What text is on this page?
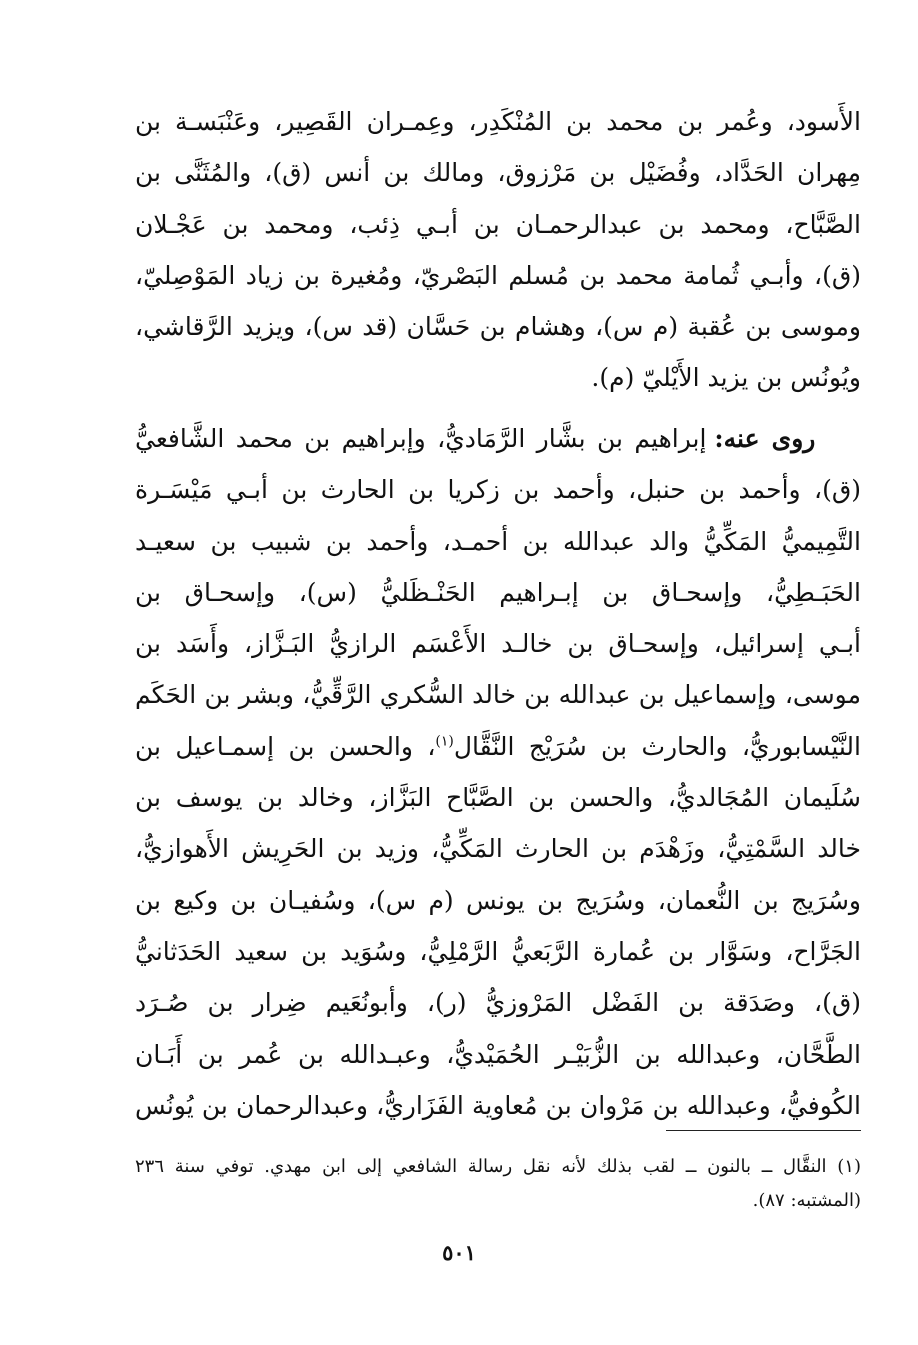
الأَسود، وعُمر بن محمد بن المُنْكَدِر، وعِمـران القَصِير، وعَنْبَسـة بن
مِهران الحَدَّاد، وفُضَيْل بن مَرْزوق، ومالك بن أنس (ق)، والمُثَنَّى بن
الصَّبَّاح، ومحمد بن عبدالرحمـان بن أبـي ذِئب، ومحمد بن عَجْـلان
(ق)، وأبـي ثُمامة محمد بن مُسلم البَصْريّ، ومُغيرة بن زياد المَوْصِليّ،
وموسى بن عُقبة (م س)، وهشام بن حَسَّان (قد س)، ويزيد الرَّقاشي،
ويُونُس بن يزيد الأَيْليّ (م).
روى عنه: إبراهيم بن بشَّار الرَّمَاديُّ، وإبراهيم بن محمد الشَّافعيُّ
(ق)، وأحمد بن حنبل، وأحمد بن زكريا بن الحارث بن أبـي مَيْسَـرة
التَّمِيميُّ المَكِّيُّ والد عبدالله بن أحمـد، وأحمد بن شبيب بن سعيـد
الحَبَـطِيُّ، وإسحـاق بن إبـراهيم الحَنْـظَليُّ (س)، وإسحـاق بن
أبـي إسرائيل، وإسحـاق بن خالـد الأَعْسَم الرازيُّ البَـزَّاز، وأَسَد بن
موسى، وإسماعيل بن عبدالله بن خالد السُّكري الرَّقِّيُّ، وبشر بن الحَكَم
النَّيْسابوريُّ، والحارث بن سُرَيْج النَّقَّال$^{(١)}$، والحسن بن إسمـاعيل بن
سُلَيمان المُجَالديُّ، والحسن بن الصَّبَّاح البَزَّاز، وخالد بن يوسف بن
خالد السَّمْتِيُّ، وزَهْدَم بن الحارث المَكِّيُّ، وزيد بن الحَرِيش الأَهوازيُّ،
وسُرَيج بن النُّعمان، وسُرَيج بن يونس (م س)، وسُفيـان بن وكيع بن
الجَرَّاح، وسَوَّار بن عُمارة الرَّبَعيُّ الرَّمْلِيُّ، وسُوَيد بن سعيد الحَدَثانيُّ
(ق)، وصَدَقة بن الفَضْل المَرْوزيُّ (ر)، وأبونُعَيم ضِرار بن صُـرَد
الطَّحَّان، وعبدالله بن الزُّبَيْـر الحُمَيْديُّ، وعبـدالله بن عُمر بن أَبَـان
الكُوفيُّ، وعبدالله بن مَرْوان بن مُعاوية الفَزَاريُّ، وعبدالرحمان بن يُونُس
(١) النقَّال ــ بالنون ــ لقب بذلك لأنه نقل رسالة الشافعي إلى ابن مهدي. توفي سنة ٢٣٦
(المشتبه: ٨٧).
٥٠١
